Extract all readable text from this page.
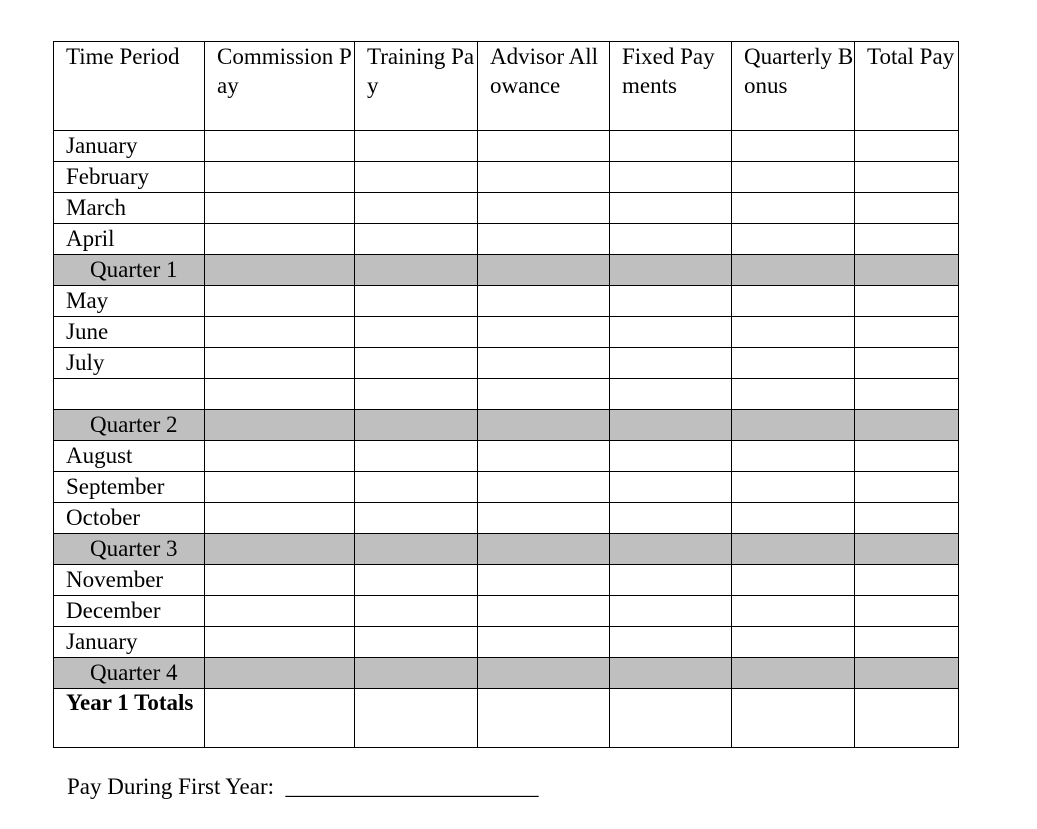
Time Period	Commission Pay	Training Pay	Advisor Allowance	Fixed Payments	Quarterly Bonus	Total Pay
January						
February						
March						
April						
Quarter 1						
May						
June						
July						

Quarter 2						
August						
September						
October						
Quarter 3						
November						
December						
January						
Quarter 4						
Year 1 Totals						
Pay During First Year: ______________________
